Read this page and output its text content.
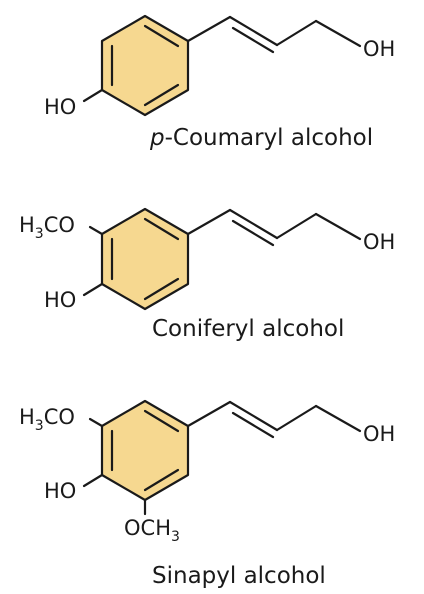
OH
HO
p-Coumaryl alcohol
OH
$H_3CO$
HO
Coniferyl alcohol
OH
$H_3CO$
HO
$OCH_3$
Sinapyl alcohol
